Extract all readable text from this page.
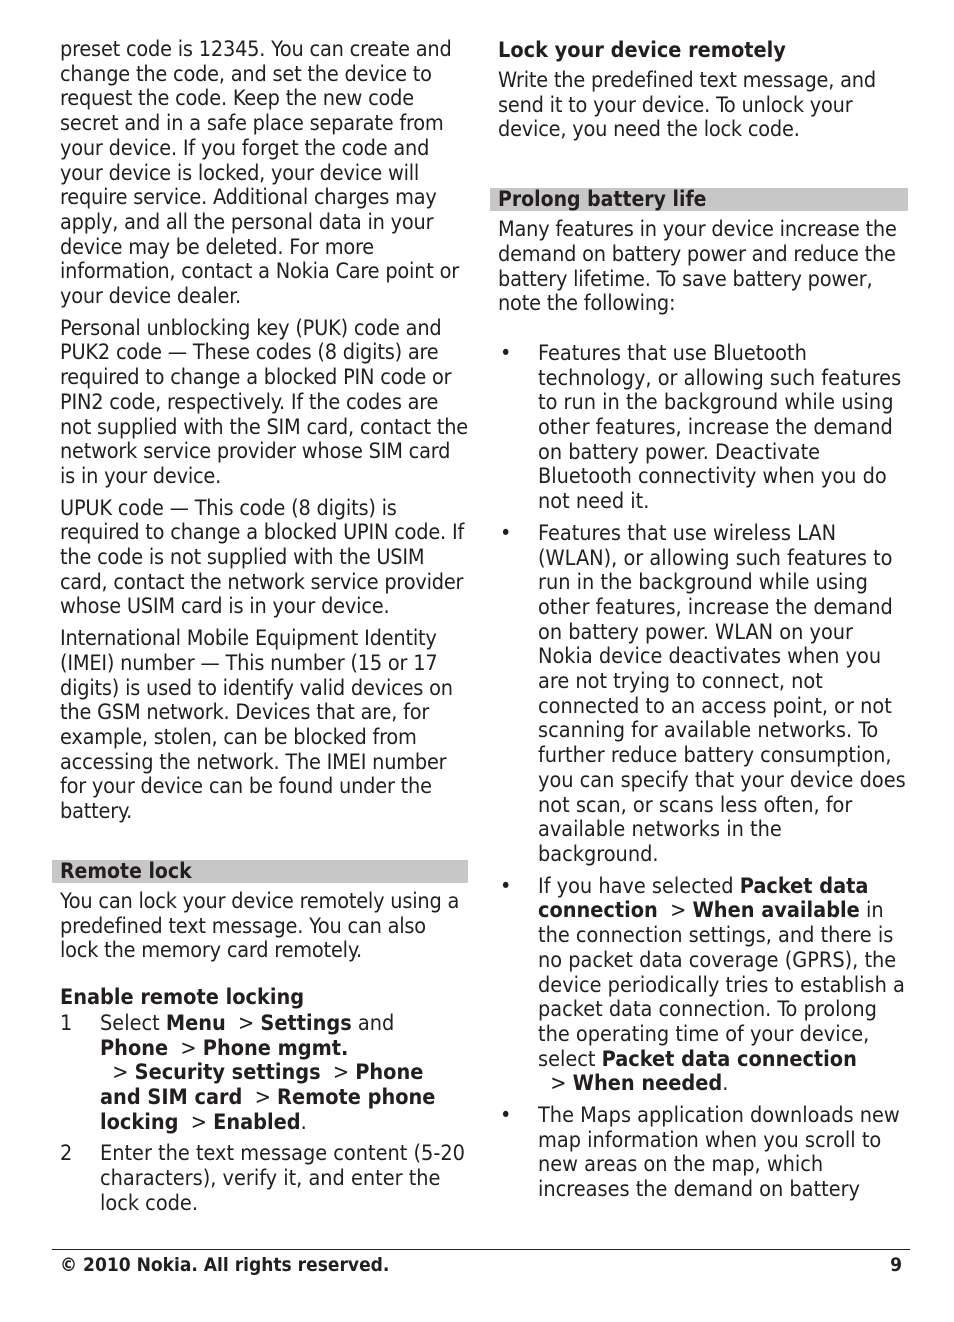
preset code is 12345. You can create and change the code, and set the device to request the code. Keep the new code secret and in a safe place separate from your device. If you forget the code and your device is locked, your device will require service. Additional charges may apply, and all the personal data in your device may be deleted. For more information, contact a Nokia Care point or your device dealer.

Personal unblocking key (PUK) code and PUK2 code — These codes (8 digits) are required to change a blocked PIN code or PIN2 code, respectively. If the codes are not supplied with the SIM card, contact the network service provider whose SIM card is in your device.

UPUK code — This code (8 digits) is required to change a blocked UPIN code. If the code is not supplied with the USIM card, contact the network service provider whose USIM card is in your device.

International Mobile Equipment Identity (IMEI) number — This number (15 or 17 digits) is used to identify valid devices on the GSM network. Devices that are, for example, stolen, can be blocked from accessing the network. The IMEI number for your device can be found under the battery.

Remote lock

You can lock your device remotely using a predefined text message. You can also lock the memory card remotely.

Enable remote locking
1 Select Menu  > Settings and Phone  > Phone mgmt.  > Security settings  > Phone and SIM card  > Remote phone locking  > Enabled.
2 Enter the text message content (5-20 characters), verify it, and enter the lock code.
Lock your device remotely

Write the predefined text message, and send it to your device. To unlock your device, you need the lock code.

Prolong battery life

Many features in your device increase the demand on battery power and reduce the battery lifetime. To save battery power, note the following:

• Features that use Bluetooth technology, or allowing such features to run in the background while using other features, increase the demand on battery power. Deactivate Bluetooth connectivity when you do not need it.
• Features that use wireless LAN (WLAN), or allowing such features to run in the background while using other features, increase the demand on battery power. WLAN on your Nokia device deactivates when you are not trying to connect, not connected to an access point, or not scanning for available networks. To further reduce battery consumption, you can specify that your device does not scan, or scans less often, for available networks in the background.
• If you have selected Packet data connection  > When available in the connection settings, and there is no packet data coverage (GPRS), the device periodically tries to establish a packet data connection. To prolong the operating time of your device, select Packet data connection  > When needed.
• The Maps application downloads new map information when you scroll to new areas on the map, which increases the demand on battery
© 2010 Nokia. All rights reserved.	9
